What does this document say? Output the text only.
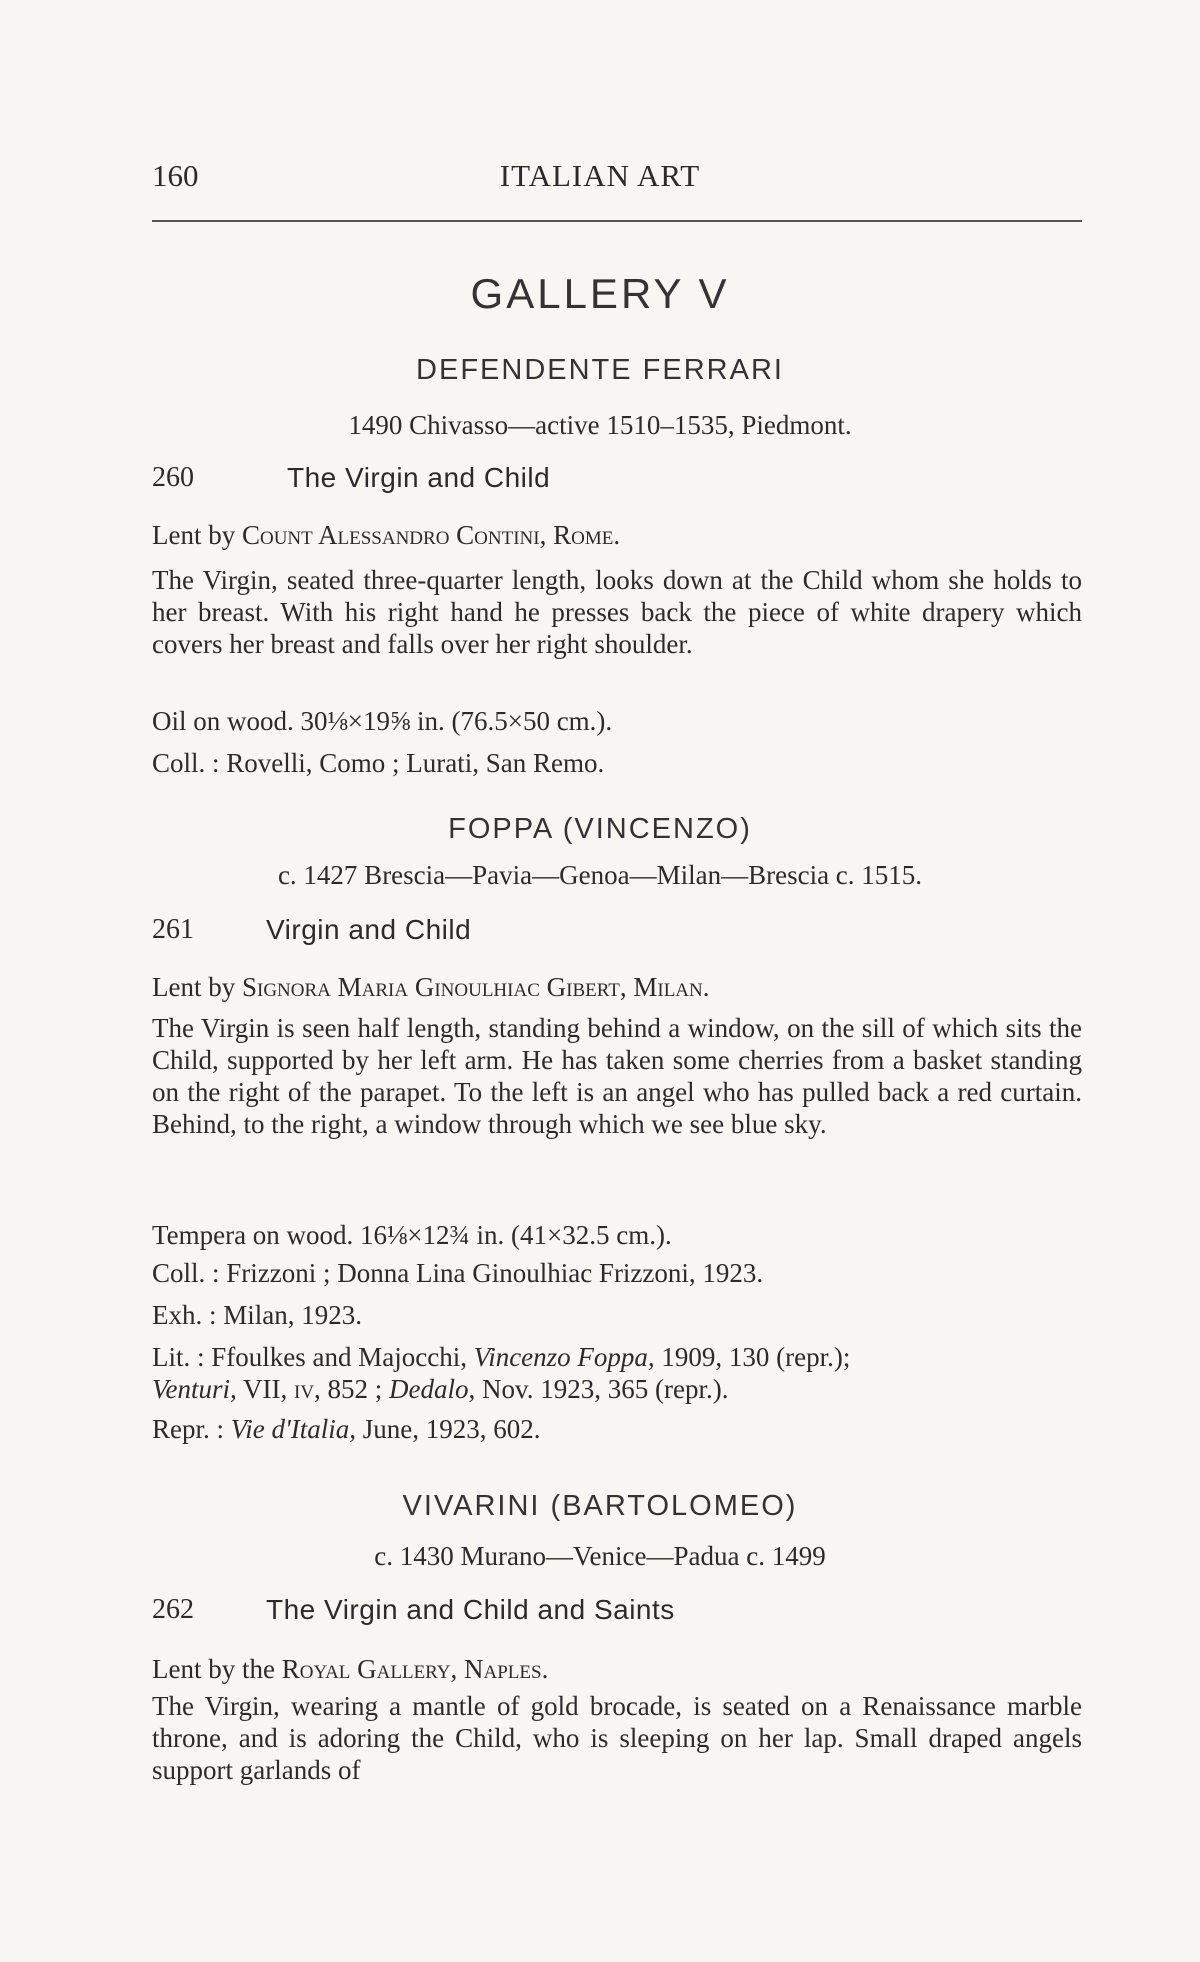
160	ITALIAN ART
GALLERY V
DEFENDENTE FERRARI
1490 Chivasso—active 1510–1535, Piedmont.
260	The Virgin and Child
Lent by Count Alessandro Contini, Rome.
The Virgin, seated three-quarter length, looks down at the Child whom she holds to her breast. With his right hand he presses back the piece of white drapery which covers her breast and falls over her right shoulder.
Oil on wood. 30⅛×19⅝ in. (76.5×50 cm.).
Coll. : Rovelli, Como ; Lurati, San Remo.
FOPPA (VINCENZO)
c. 1427 Brescia—Pavia—Genoa—Milan—Brescia c. 1515.
261	Virgin and Child
Lent by Signora Maria Ginoulhiac Gibert, Milan.
The Virgin is seen half length, standing behind a window, on the sill of which sits the Child, supported by her left arm. He has taken some cherries from a basket standing on the right of the parapet. To the left is an angel who has pulled back a red curtain. Behind, to the right, a window through which we see blue sky.
Tempera on wood. 16⅛×12¾ in. (41×32.5 cm.).
Coll. : Frizzoni ; Donna Lina Ginoulhiac Frizzoni, 1923.
Exh. : Milan, 1923.
Lit. : Ffoulkes and Majocchi, Vincenzo Foppa, 1909, 130 (repr.);
Venturi, VII, iv, 852 ; Dedalo, Nov. 1923, 365 (repr.).
Repr. : Vie d'Italia, June, 1923, 602.
VIVARINI (BARTOLOMEO)
c. 1430 Murano—Venice—Padua c. 1499
262	The Virgin and Child and Saints
Lent by the Royal Gallery, Naples.
The Virgin, wearing a mantle of gold brocade, is seated on a Renaissance marble throne, and is adoring the Child, who is sleeping on her lap. Small draped angels support garlands of
